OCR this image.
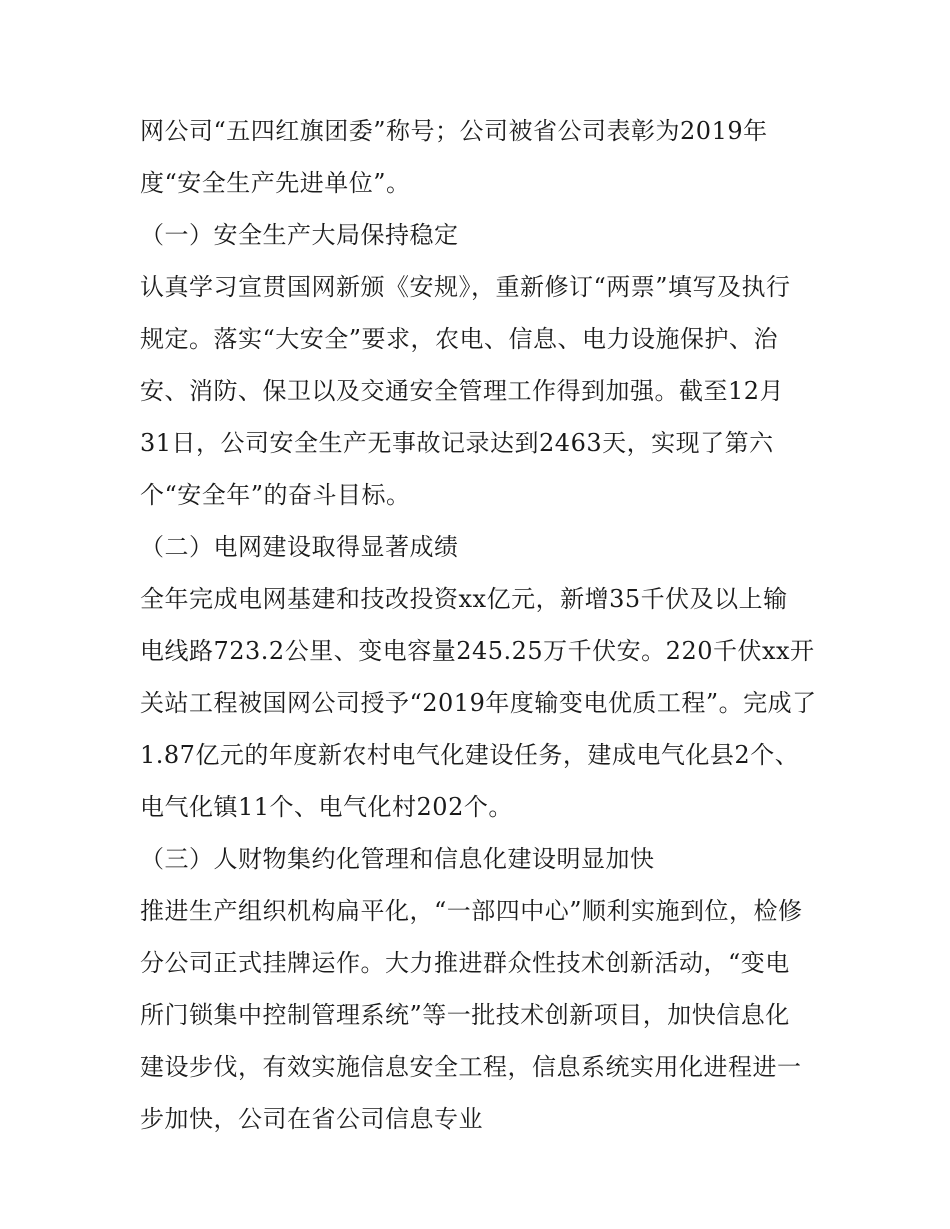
网公司“五四红旗团委”称号；公司被省公司表彰为2019年
度“安全生产先进单位”。
（一）安全生产大局保持稳定
认真学习宣贯国网新颁《安规》，重新修订“两票”填写及执行
规定。落实“大安全”要求，农电、信息、电力设施保护、治
安、消防、保卫以及交通安全管理工作得到加强。截至12月
31日，公司安全生产无事故记录达到2463天，实现了第六
个“安全年”的奋斗目标。
（二）电网建设取得显著成绩
全年完成电网基建和技改投资xx亿元，新增35千伏及以上输
电线路723.2公里、变电容量245.25万千伏安。220千伏xx开
关站工程被国网公司授予“2019年度输变电优质工程”。完成了
1.87亿元的年度新农村电气化建设任务，建成电气化县2个、
电气化镇11个、电气化村202个。
（三）人财物集约化管理和信息化建设明显加快
推进生产组织机构扁平化，“一部四中心”顺利实施到位，检修
分公司正式挂牌运作。大力推进群众性技术创新活动，“变电
所门锁集中控制管理系统”等一批技术创新项目，加快信息化
建设步伐，有效实施信息安全工程，信息系统实用化进程进一
步加快，公司在省公司信息专业
